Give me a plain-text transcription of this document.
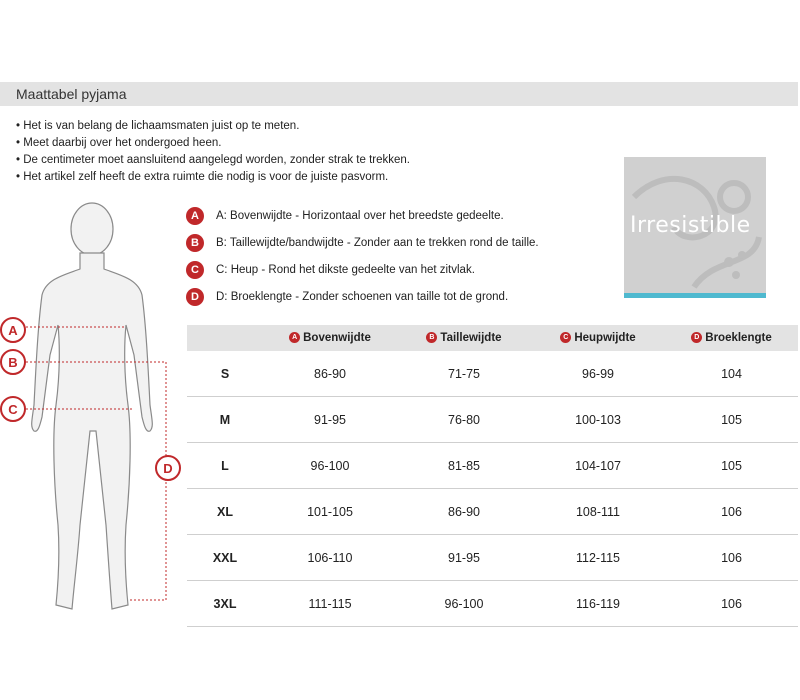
Maattabel pyjama
• Het is van belang de lichaamsmaten juist op te meten.
• Meet daarbij over het ondergoed heen.
• De centimeter moet aansluitend aangelegd worden, zonder strak te trekken.
• Het artikel zelf heeft de extra ruimte die nodig is voor de juiste pasvorm.
A
B
C
D
A	A: Bovenwijdte - Horizontaal over het breedste gedeelte.
B	B: Taillewijdte/bandwijdte - Zonder aan te trekken rond de taille.
C	C: Heup - Rond het dikste gedeelte van het zitvlak.
D	D: Broeklengte - Zonder schoenen van taille tot de grond.
Irresistible
	A Bovenwijdte	B Taillewijdte	C Heupwijdte	D Broeklengte
S	86-90	71-75	96-99	104
M	91-95	76-80	100-103	105
L	96-100	81-85	104-107	105
XL	101-105	86-90	108-111	106
XXL	106-110	91-95	112-115	106
3XL	111-115	96-100	116-119	106
